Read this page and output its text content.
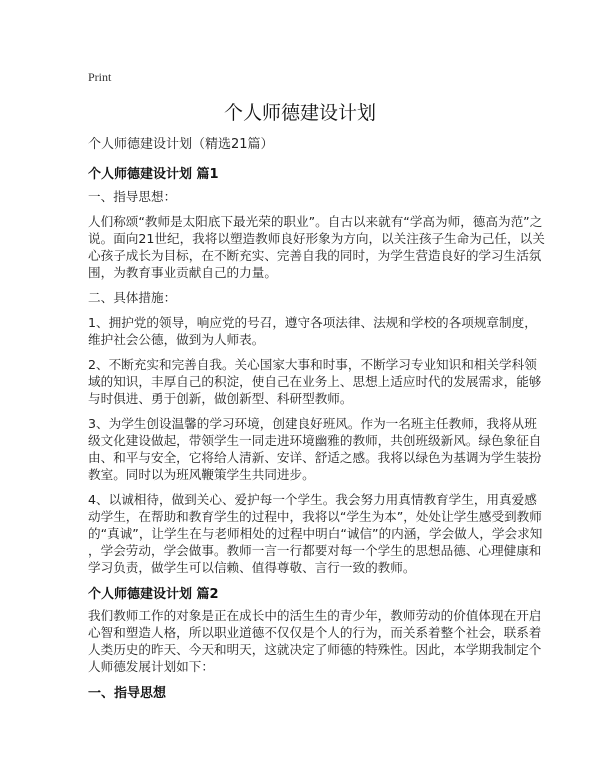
Print
个人师德建设计划
个人师德建设计划（精选21篇）
个人师德建设计划 篇1
一、指导思想：
人们称颂“教师是太阳底下最光荣的职业”。自古以来就有“学高为师，德高为范”之
说。面向21世纪，我将以塑造教师良好形象为方向，以关注孩子生命为己任，以关
心孩子成长为目标，在不断充实、完善自我的同时，为学生营造良好的学习生活氛
围，为教育事业贡献自己的力量。
二、具体措施：
1、拥护党的领导，响应党的号召，遵守各项法律、法规和学校的各项规章制度，
维护社会公德，做到为人师表。
2、不断充实和完善自我。关心国家大事和时事，不断学习专业知识和相关学科领
域的知识，丰厚自己的积淀，使自己在业务上、思想上适应时代的发展需求，能够
与时俱进、勇于创新，做创新型、科研型教师。
3、为学生创设温馨的学习环境，创建良好班风。作为一名班主任教师，我将从班
级文化建设做起，带领学生一同走进环境幽雅的教师，共创班级新风。绿色象征自
由、和平与安全，它将给人清新、安详、舒适之感。我将以绿色为基调为学生装扮
教室。同时以为班风鞭策学生共同进步。
4、以诚相待，做到关心、爱护每一个学生。我会努力用真情教育学生，用真爱感
动学生，在帮助和教育学生的过程中，我将以“学生为本”，处处让学生感受到教师
的“真诚”，让学生在与老师相处的过程中明白“诚信”的内涵，学会做人，学会求知
，学会劳动，学会做事。教师一言一行都要对每一个学生的思想品德、心理健康和
学习负责，做学生可以信赖、值得尊敬、言行一致的教师。
个人师德建设计划 篇2
我们教师工作的对象是正在成长中的活生生的青少年，教师劳动的价值体现在开启
心智和塑造人格，所以职业道德不仅仅是个人的行为，而关系着整个社会，联系着
人类历史的昨天、今天和明天，这就决定了师德的特殊性。因此，本学期我制定个
人师德发展计划如下：
一、指导思想
